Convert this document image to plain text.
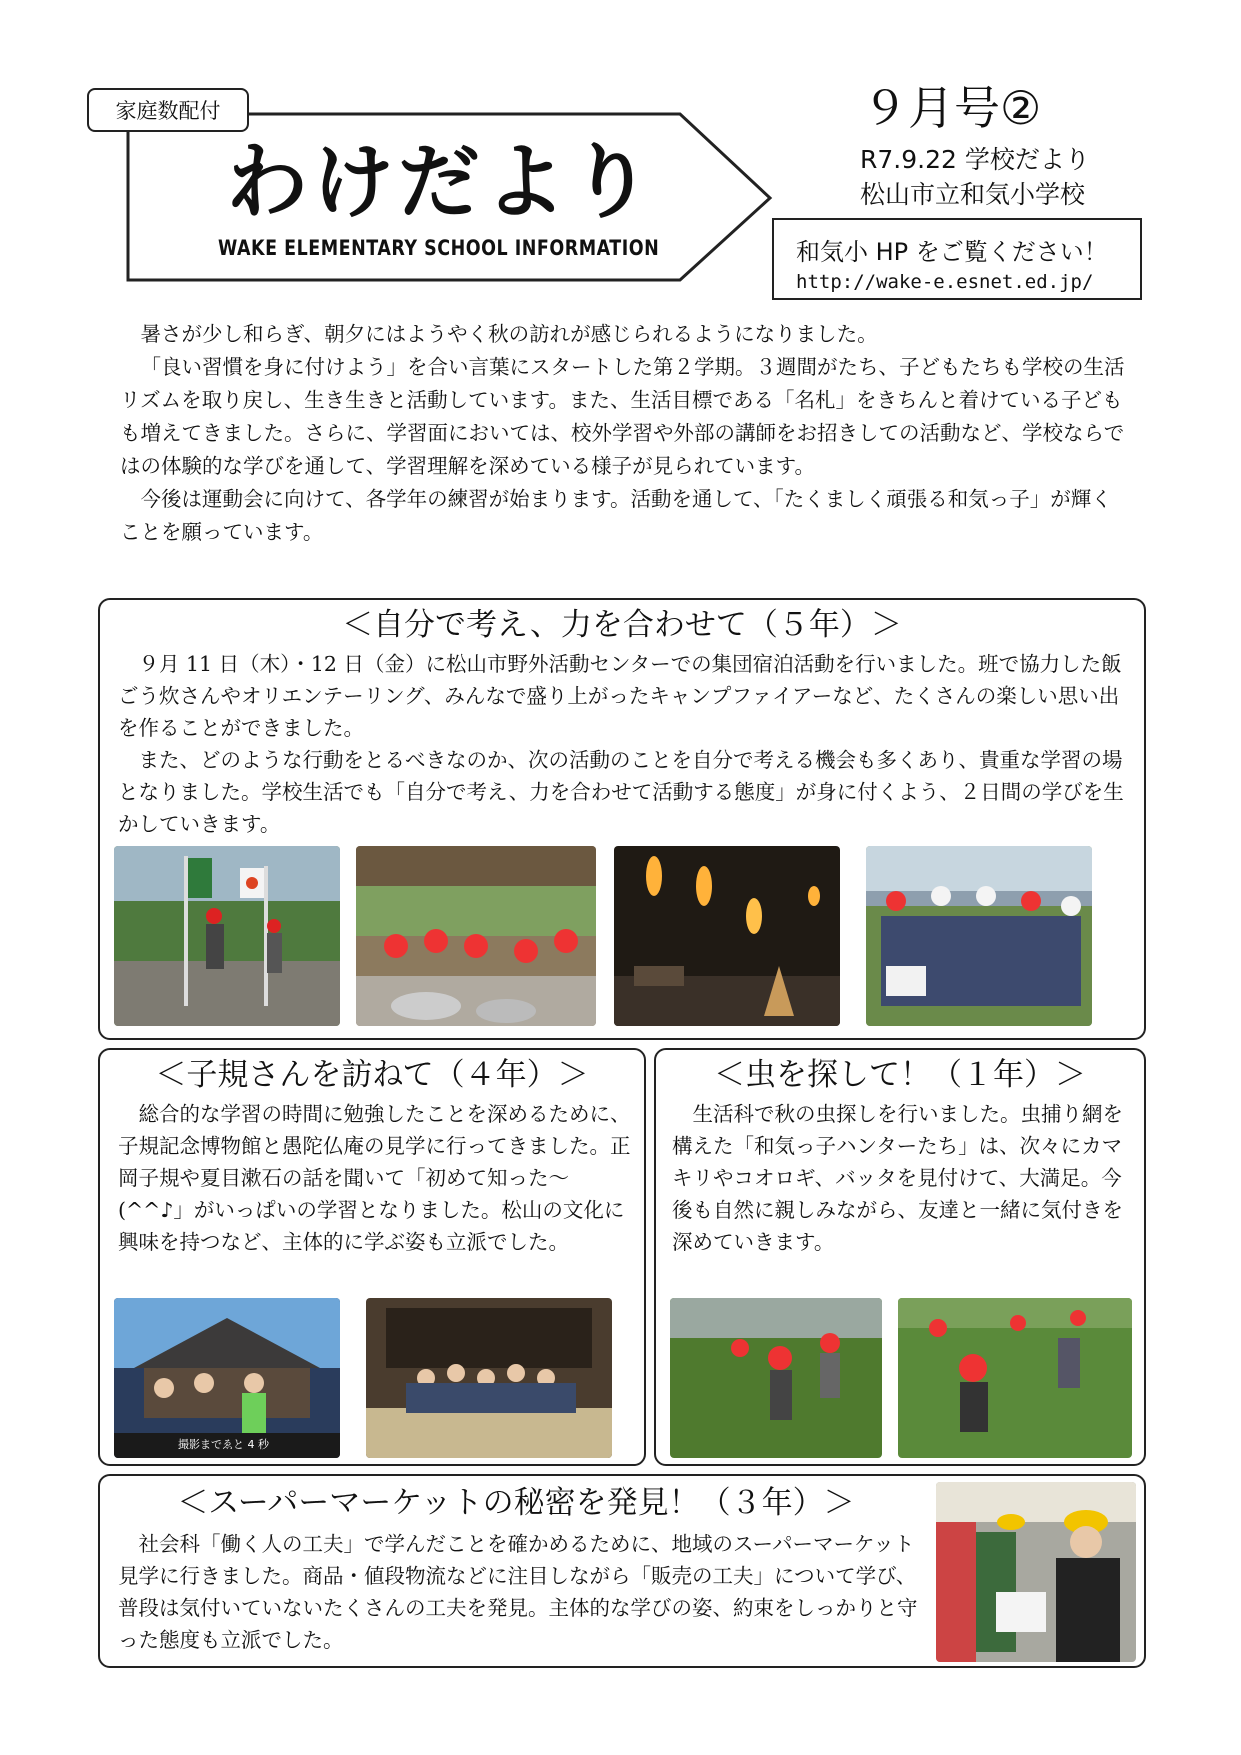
家庭数配付
わけだより
WAKE ELEMENTARY SCHOOL INFORMATION
９月号②
R7.9.22 学校だより
松山市立和気小学校
和気小 HP をご覧ください！
http://wake-e.esnet.ed.jp/

暑さが少し和らぎ、朝夕にはようやく秋の訪れが感じられるようになりました。

「良い習慣を身に付けよう」を合い言葉にスタートした第２学期。３週間がたち、子どもたちも学校の生活リズムを取り戻し、生き生きと活動しています。また、生活目標である「名札」をきちんと着けている子どもも増えてきました。さらに、学習面においては、校外学習や外部の講師をお招きしての活動など、学校ならではの体験的な学びを通して、学習理解を深めている様子が見られています。

今後は運動会に向けて、各学年の練習が始まります。活動を通して、「たくましく頑張る和気っ子」が輝くことを願っています。

＜自分で考え、力を合わせて（５年）＞

９月 11 日（木）・12 日（金）に松山市野外活動センターでの集団宿泊活動を行いました。班で協力した飯ごう炊さんやオリエンテーリング、みんなで盛り上がったキャンプファイアーなど、たくさんの楽しい思い出を作ることができました。

また、どのような行動をとるべきなのか、次の活動のことを自分で考える機会も多くあり、貴重な学習の場となりました。学校生活でも「自分で考え、力を合わせて活動する態度」が身に付くよう、２日間の学びを生かしていきます。

＜子規さんを訪ねて（４年）＞

総合的な学習の時間に勉強したことを深めるために、子規記念博物館と愚陀仏庵の見学に行ってきました。正岡子規や夏目漱石の話を聞いて「初めて知った～(^^♪」がいっぱいの学習となりました。松山の文化に興味を持つなど、主体的に学ぶ姿も立派でした。

撮影までゑと 4 秒
＜虫を探して！（１年）＞

生活科で秋の虫探しを行いました。虫捕り網を構えた「和気っ子ハンターたち」は、次々にカマキリやコオロギ、バッタを見付けて、大満足。今後も自然に親しみながら、友達と一緒に気付きを深めていきます。

＜スーパーマーケットの秘密を発見！（３年）＞

社会科「働く人の工夫」で学んだことを確かめるために、地域のスーパーマーケット見学に行きました。商品・値段物流などに注目しながら「販売の工夫」について学び、普段は気付いていないたくさんの工夫を発見。主体的な学びの姿、約束をしっかりと守った態度も立派でした。
